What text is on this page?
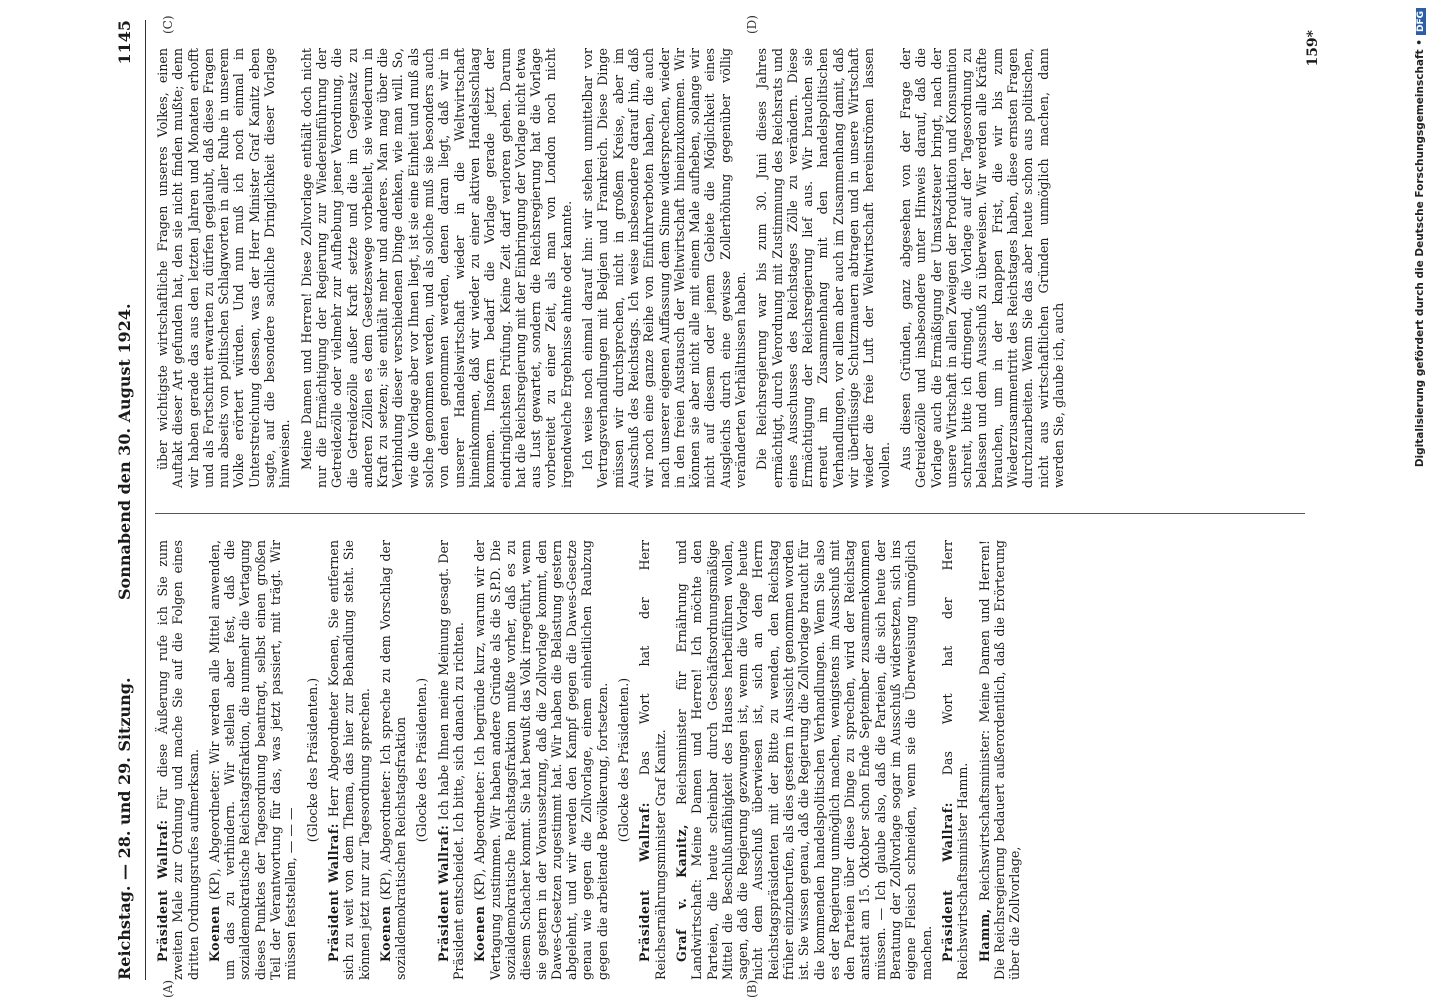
Reichstag. — 28. und 29. Sitzung.
Sonnabend den 30. August 1924.
1145

Präsident Wallraf: Für diese Äußerung rufe ich Sie zum zweiten Male zur Ordnung und mache Sie auf die Folgen eines dritten Ordnungsrufes aufmerksam. Koenen (KP), Abgeordneter: Wir werden alle Mittel anwenden, um das zu verhindern. Wir stellen aber fest, daß die sozialdemokratische Reichstagsfraktion, die nunmehr die Vertagung dieses Punktes der Tagesordnung beantragt, selbst einen großen Teil der Verantwortung für das, was jetzt passiert, mit trägt. Wir müssen feststellen, — — —

(Glocke des Präsidenten.)

Präsident Wallraf: Herr Abgeordneter Koenen, Sie entfernen sich zu weit von dem Thema, das hier zur Behandlung steht. Sie können jetzt nur zur Tagesordnung sprechen. Koenen (KP), Abgeordneter: Ich spreche zu dem Vorschlag der sozialdemokratischen Reichstagsfraktion (Glocke des Präsidenten.)

Präsident Wallraf: Ich habe Ihnen meine Meinung gesagt. Der Präsident entscheidet. Ich bitte, sich danach zu richten. Koenen (KP), Abgeordneter: Ich begründe kurz, warum wir der Vertagung zustimmen. Wir haben andere Gründe als die S.P.D. Die sozialdemokratische Reichstagsfraktion mußte vorher, daß es zu diesem Schacher kommt. Sie hat bewußt das Volk irregeführt, wenn sie gestern in der Voraussetzung, daß die Zollvorlage kommt, den Dawes-Gesetzen zugestimmt hat. Wir haben die Belastung gestern abgelehnt, und wir werden den Kampf gegen die Dawes-Gesetze genau wie gegen die Zollvorlage, einem einheitlichen Raubzug gegen die arbeitende Bevölkerung, fortsetzen. (Glocke des Präsidenten.)

Präsident Wallraf: Das Wort hat der Herr Reichsernährungsminister Graf Kanitz. Graf v. Kanitz, Reichsminister für Ernährung und Landwirtschaft: Meine Damen und Herren! Ich möchte den Parteien, die heute scheinbar durch Geschäftsordnungsmäßige Mittel die Beschlußunfähigkeit des Hauses herbeiführen wollen, sagen, daß die Regierung gezwungen ist, wenn die Vorlage heute nicht dem Ausschuß überwiesen ist, sich an den Herrn Reichstagspräsidenten mit der Bitte zu wenden, den Reichstag früher einzuberufen, als dies gestern in Aussicht genommen worden ist. Sie wissen genau, daß die Regierung die Zollvorlage braucht für die kommenden handelspolitischen Verhandlungen. Wenn Sie also es der Regierung unmöglich machen, wenigstens im Ausschuß mit den Parteien über diese Dinge zu sprechen, wird der Reichstag anstatt am 15. Oktober schon Ende September zusammenkommen müssen. — Ich glaube also, daß die Parteien, die sich heute der Beratung der Zollvorlage sogar im Ausschuß widersetzen, sich ins eigene Fleisch schneiden, wenn sie die Überweisung unmöglich machen. Präsident Wallraf: Das Wort hat der Herr Reichswirtschaftsminister Hamm. Hamm, Reichswirtschaftsminister: Meine Damen und Herren! Die Reichsregierung bedauert außerordentlich, daß die Erörterung über die Zollvorlage,

über wichtigste wirtschaftliche Fragen unseres Volkes, einen Auftakt dieser Art gefunden hat, den sie nicht finden mußte; denn wir haben gerade das aus den letzten Jahren und Monaten erhofft und als Fortschritt erwarten zu dürfen geglaubt, daß diese Fragen nun abseits von politischen Schlagworten in aller Ruhe in unserem Volke erörtert würden. Und nun muß ich noch einmal in Unterstreichung dessen, was der Herr Minister Graf Kanitz eben sagte, auf die besondere sachliche Dringlichkeit dieser Vorlage hinweisen. Meine Damen und Herren! Diese Zollvorlage enthält doch nicht nur die Ermächtigung der Regierung zur Wiedereinführung der Getreidezölle oder vielmehr zur Aufhebung jener Verordnung, die die Getreidezölle außer Kraft setzte und die im Gegensatz zu anderen Zöllen es dem Gesetzeswege vorbehielt, sie wiederum in Kraft zu setzen; sie enthält mehr und anderes. Man mag über die Verbindung dieser verschiedenen Dinge denken, wie man will. So, wie die Vorlage aber vor Ihnen liegt, ist sie eine Einheit und muß als solche genommen werden, und als solche muß sie besonders auch von denen genommen werden, denen daran liegt, daß wir in unserer Handelswirtschaft wieder in die Weltwirtschaft hineinkommen, daß wir wieder zu einer aktiven Handelsschlaag kommen. Insofern bedarf die Vorlage gerade jetzt der eindringlichsten Prüfung. Keine Zeit darf verloren gehen. Darum hat die Reichsregierung mit der Einbringung der Vorlage nicht etwa aus Lust gewartet, sondern die Reichsregierung hat die Vorlage vorbereitet zu einer Zeit, als man von London noch nicht irgendwelche Ergebnisse ahnte oder kannte. Ich weise noch einmal darauf hin: wir stehen unmittelbar vor Vertragsverhandlungen mit Belgien und Frankreich. Diese Dinge müssen wir durchsprechen, nicht in großem Kreise, aber im Ausschuß des Reichstags. Ich weise insbesondere darauf hin, daß wir noch eine ganze Reihe von Einfuhrverboten haben, die auch nach unserer eigenen Auffassung dem Sinne widersprechen, wieder in den freien Austausch der Weltwirtschaft hineinzukommen. Wir können sie aber nicht alle mit einem Male aufheben, solange wir nicht auf diesem oder jenem Gebiete die Möglichkeit eines Ausgleichs durch eine gewisse Zollerhöhung gegenüber völlig veränderten Verhältnissen haben. Die Reichsregierung war bis zum 30. Juni dieses Jahres ermächtigt, durch Verordnung mit Zustimmung des Reichsrats und eines Ausschusses des Reichstages Zölle zu verändern. Diese Ermächtigung der Reichsregierung lief aus. Wir brauchen sie erneut im Zusammenhang mit den handelspolitischen Verhandlungen, vor allem aber auch im Zusammenhang damit, daß wir überflüssige Schutzmauern abtragen und in unsere Wirtschaft wieder die freie Luft der Weltwirtschaft hereinströmen lassen wollen. Aus diesen Gründen, ganz abgesehen von der Frage der Getreidezölle und insbesondere unter Hinweis darauf, daß die Vorlage auch die Ermäßigung der Umsatzsteuer bringt, nach der unsere Wirtschaft in allen Zweigen der Produktion und Konsumtion schreit, bitte ich dringend, die Vorlage auf der Tagesordnung zu belassen und dem Ausschuß zu überweisen. Wir werden alle Kräfte brauchen, um in der knappen Frist, die wir bis zum Wiederzusammentritt des Reichstages haben, diese ernsten Fragen durchzuarbeiten. Wenn Sie das aber heute schon aus politischen, nicht aus wirtschaftlichen Gründen unmöglich machen, dann werden Sie, glaube ich, auch

(A)	(B)
(C)	(D)
159*	Digitalisierung gefördert durch die Deutsche Forschungsgemeinschaft •DFG
